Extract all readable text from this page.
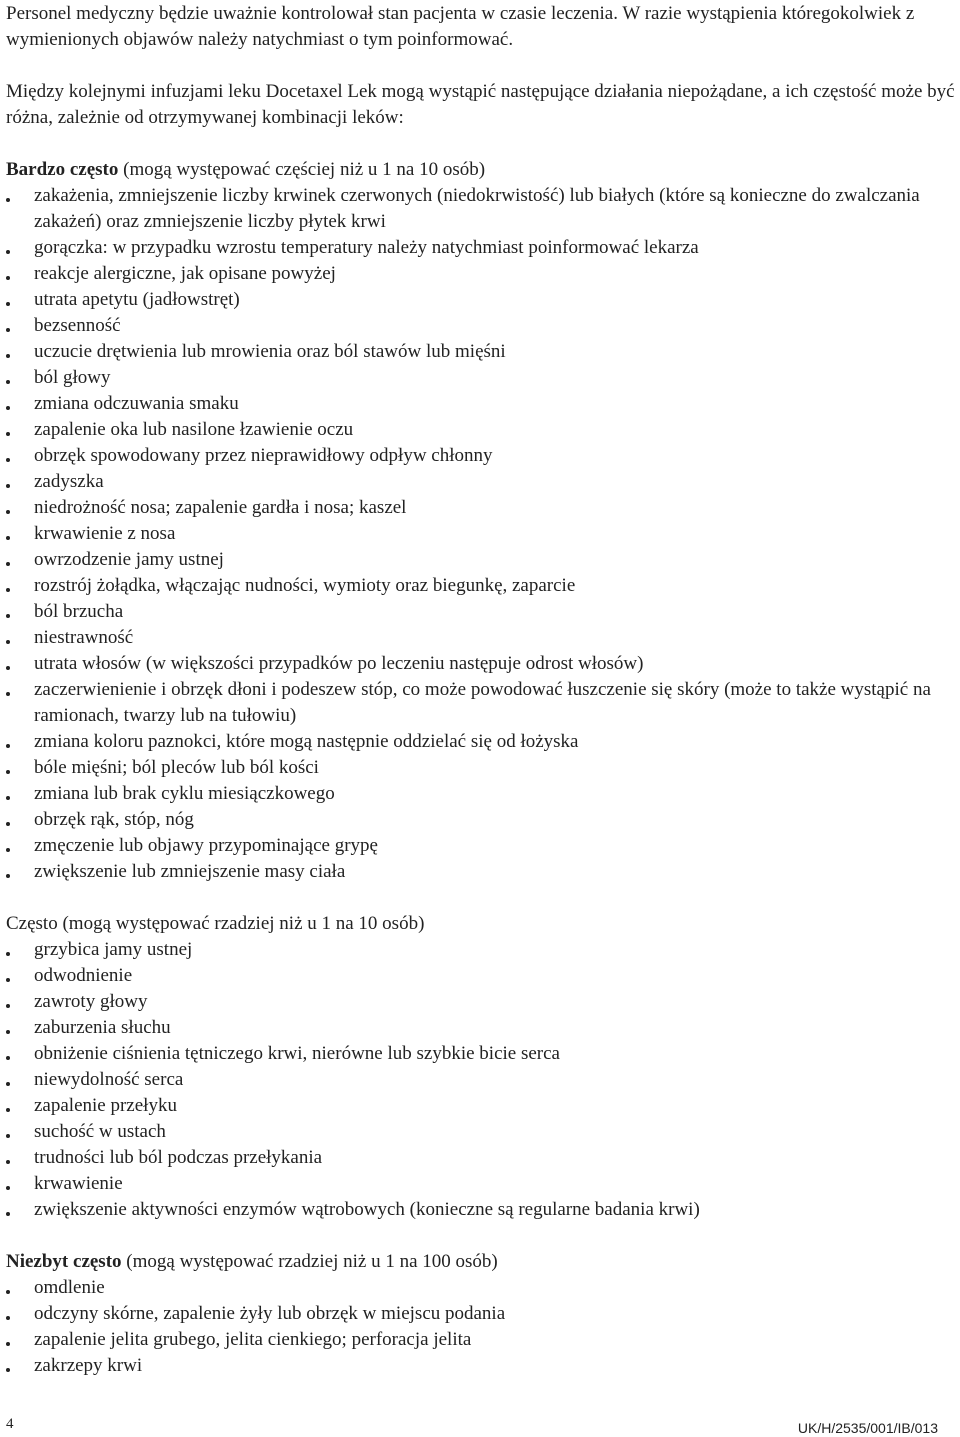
Personel medyczny będzie uważnie kontrolował stan pacjenta w czasie leczenia. W razie wystąpienia któregokolwiek z wymienionych objawów należy natychmiast o tym poinformować.

Między kolejnymi infuzjami leku Docetaxel Lek mogą wystąpić następujące działania niepożądane, a ich częstość może być różna, zależnie od otrzymywanej kombinacji leków:

Bardzo często (mogą występować częściej niż u 1 na 10 osób)

zakażenia, zmniejszenie liczby krwinek czerwonych (niedokrwistość) lub białych (które są konieczne do zwalczania zakażeń) oraz zmniejszenie liczby płytek krwi
gorączka: w przypadku wzrostu temperatury należy natychmiast poinformować lekarza
reakcje alergiczne, jak opisane powyżej
utrata apetytu (jadłowstręt)
bezsenność
uczucie drętwienia lub mrowienia oraz ból stawów lub mięśni
ból głowy
zmiana odczuwania smaku
zapalenie oka lub nasilone łzawienie oczu
obrzęk spowodowany przez nieprawidłowy odpływ chłonny
zadyszka
niedrożność nosa; zapalenie gardła i nosa; kaszel
krwawienie z nosa
owrzodzenie jamy ustnej
rozstrój żołądka, włączając nudności, wymioty oraz biegunkę, zaparcie
ból brzucha
niestrawność
utrata włosów (w większości przypadków po leczeniu następuje odrost włosów)
zaczerwienienie i obrzęk dłoni i podeszew stóp, co może powodować łuszczenie się skóry (może to także wystąpić na ramionach, twarzy lub na tułowiu)
zmiana koloru paznokci, które mogą następnie oddzielać się od łożyska
bóle mięśni; ból pleców lub ból kości
zmiana lub brak cyklu miesiączkowego
obrzęk rąk, stóp, nóg
zmęczenie lub objawy przypominające grypę
zwiększenie lub zmniejszenie masy ciała

Często (mogą występować rzadziej niż u 1 na 10 osób)

grzybica jamy ustnej
odwodnienie
zawroty głowy
zaburzenia słuchu
obniżenie ciśnienia tętniczego krwi, nierówne lub szybkie bicie serca
niewydolność serca
zapalenie przełyku
suchość w ustach
trudności lub ból podczas przełykania
krwawienie
zwiększenie aktywności enzymów wątrobowych (konieczne są regularne badania krwi)

Niezbyt często (mogą występować rzadziej niż u 1 na 100 osób)

omdlenie
odczyny skórne, zapalenie żyły lub obrzęk w miejscu podania
zapalenie jelita grubego, jelita cienkiego; perforacja jelita
zakrzepy krwi
4	UK/H/2535/001/IB/013
